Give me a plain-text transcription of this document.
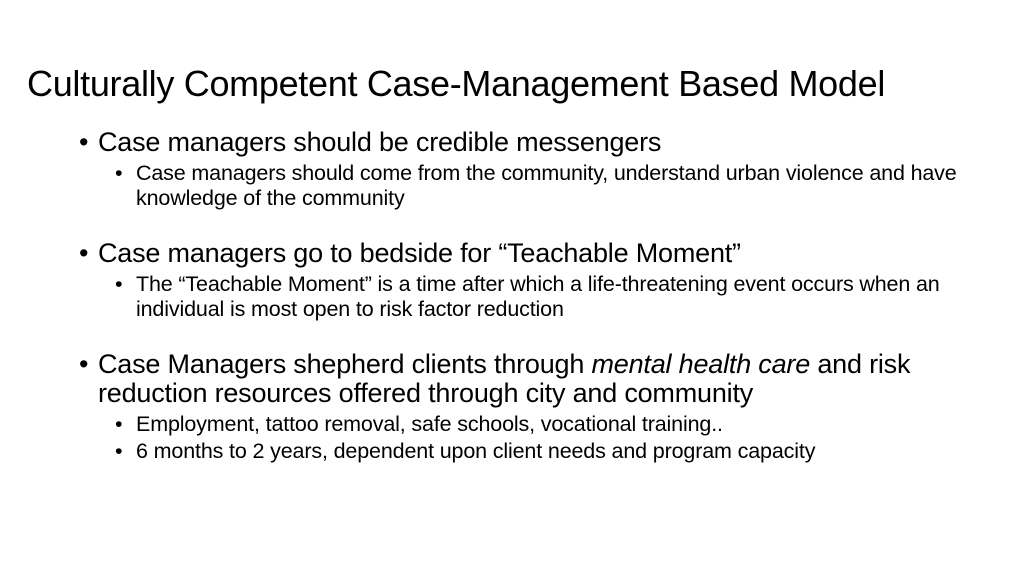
Culturally Competent Case-Management Based Model
• Case managers should be credible messengers
• Case managers should come from the community, understand urban violence and have knowledge of the community
• Case managers go to bedside for “Teachable Moment”
• The “Teachable Moment” is a time after which a life-threatening event occurs when an individual is most open to risk factor reduction
• Case Managers shepherd clients through mental health care and risk reduction resources offered through city and community
• Employment, tattoo removal, safe schools, vocational training..
• 6 months to 2 years, dependent upon client needs and program capacity
